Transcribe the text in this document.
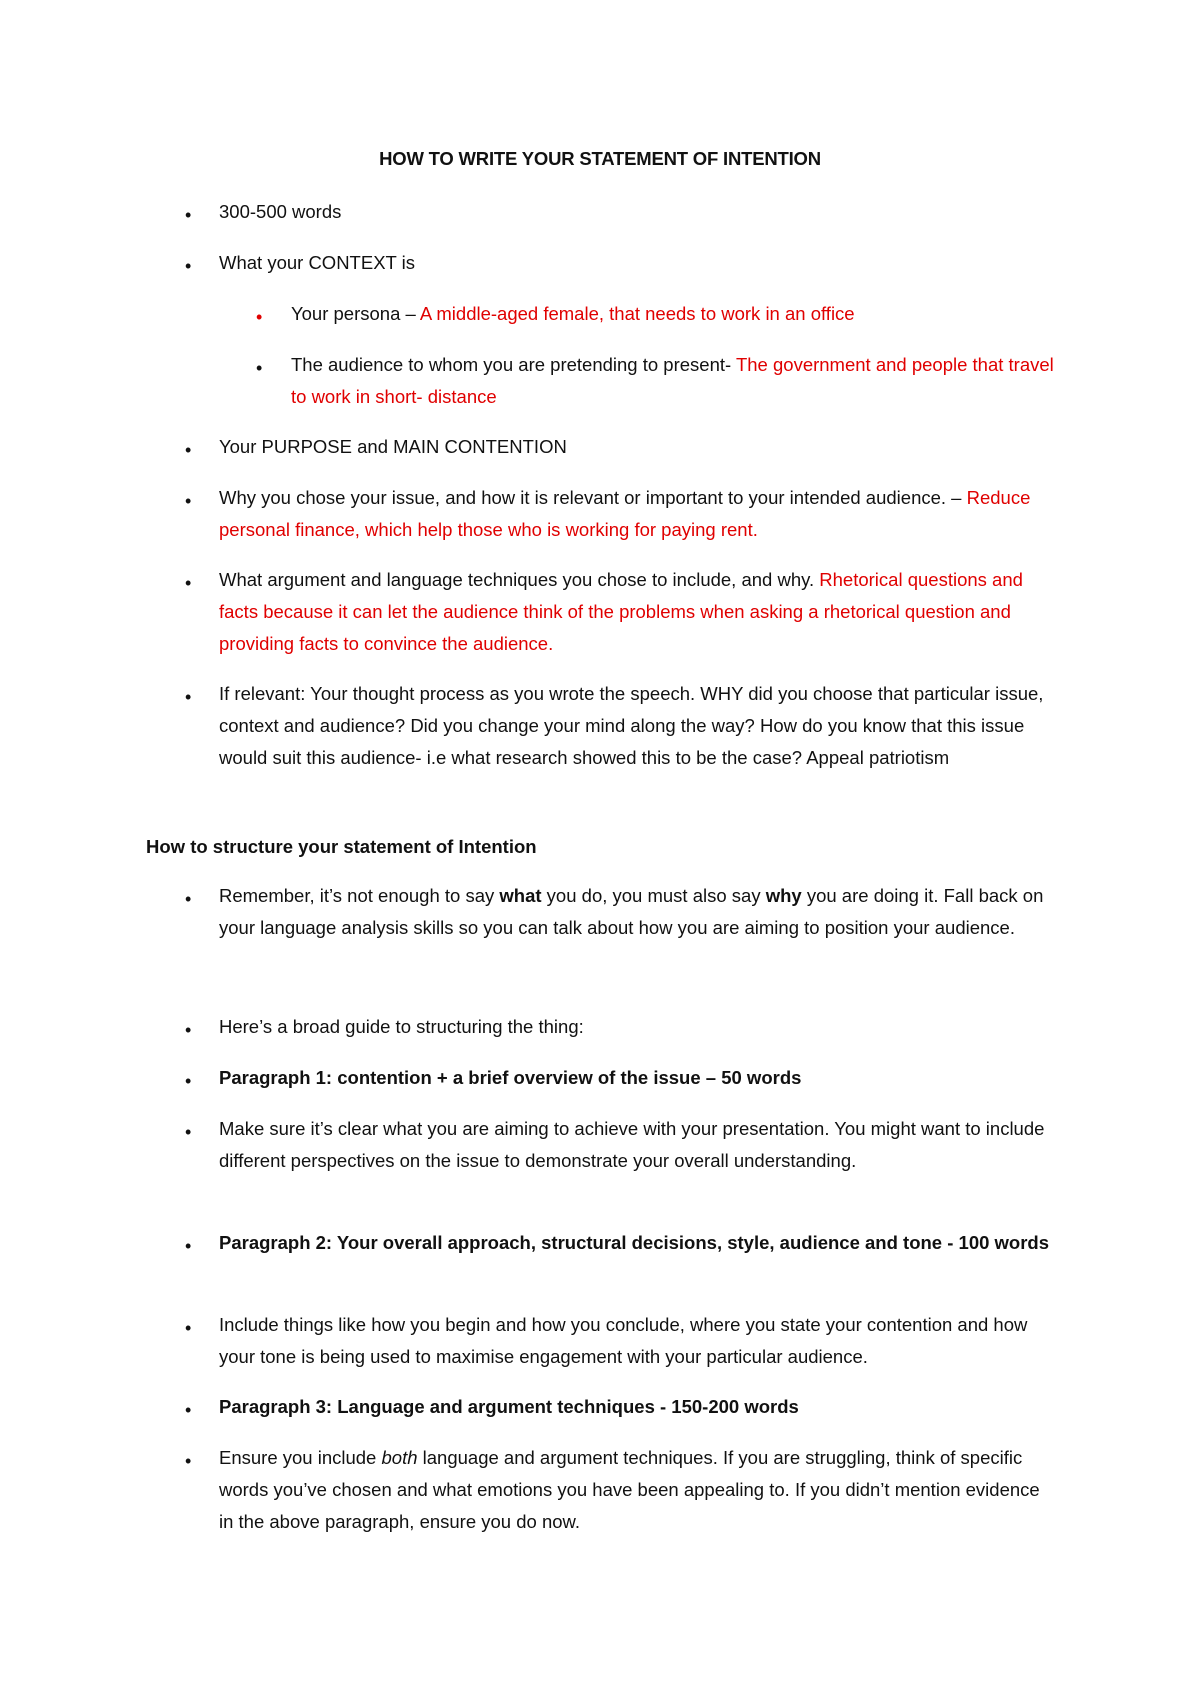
HOW TO WRITE YOUR STATEMENT OF INTENTION
•	300-500 words
•	What your CONTEXT is
•	Your persona – A middle-aged female, that needs to work in an office
•	The audience to whom you are pretending to present- The government and people that travel to work in short- distance
•	Your PURPOSE and MAIN CONTENTION
•	Why you chose your issue, and how it is relevant or important to your intended audience. – Reduce personal finance, which help those who is working for paying rent.
•	What argument and language techniques you chose to include, and why. Rhetorical questions and facts because it can let the audience think of the problems when asking a rhetorical question and providing facts to convince the audience.
•	If relevant: Your thought process as you wrote the speech. WHY did you choose that particular issue, context and audience? Did you change your mind along the way? How do you know that this issue would suit this audience- i.e what research showed this to be the case? Appeal patriotism
How to structure your statement of Intention
•	Remember, it’s not enough to say what you do, you must also say why you are doing it. Fall back on your language analysis skills so you can talk about how you are aiming to position your audience.
•	Here’s a broad guide to structuring the thing:
•	Paragraph 1: contention + a brief overview of the issue – 50 words
•	Make sure it’s clear what you are aiming to achieve with your presentation. You might want to include different perspectives on the issue to demonstrate your overall understanding.
•	Paragraph 2: Your overall approach, structural decisions, style, audience and tone - 100 words
•	Include things like how you begin and how you conclude, where you state your contention and how your tone is being used to maximise engagement with your particular audience.
•	Paragraph 3: Language and argument techniques - 150-200 words
•	Ensure you include both language and argument techniques. If you are struggling, think of specific words you’ve chosen and what emotions you have been appealing to. If you didn’t mention evidence in the above paragraph, ensure you do now.
